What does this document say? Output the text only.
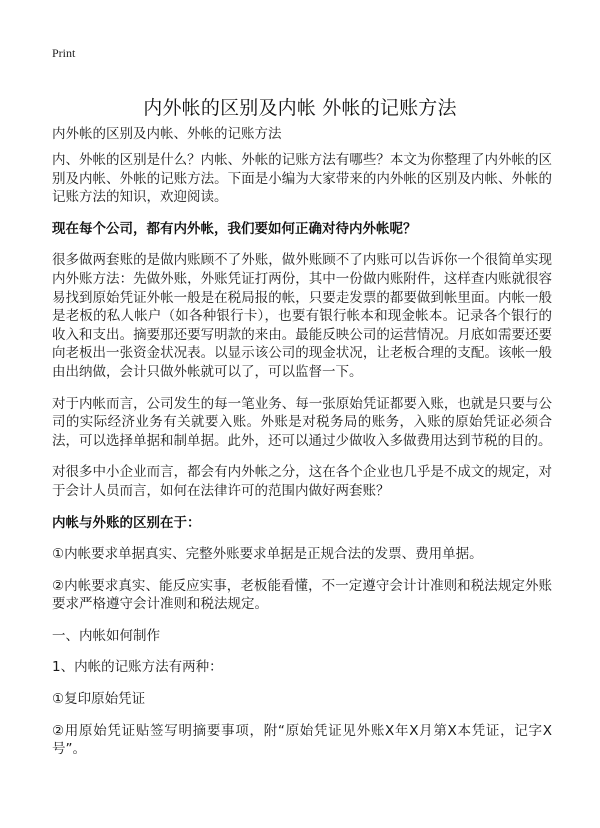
Print
内外帐的区别及内帐 外帐的记账方法
内外帐的区别及内帐、外帐的记账方法

内、外帐的区别是什么？内帐、外帐的记账方法有哪些？本文为你整理了内外帐的区别及内帐、外帐的记账方法。下面是小编为大家带来的内外帐的区别及内帐、外帐的记账方法的知识，欢迎阅读。

现在每个公司，都有内外帐，我们要如何正确对待内外帐呢？

很多做两套账的是做内账顾不了外账，做外账顾不了内账可以告诉你一个很简单实现内外账方法：先做外账，外账凭证打两份，其中一份做内账附件，这样查内账就很容易找到原始凭证外帐一般是在税局报的帐，只要走发票的都要做到帐里面。内帐一般是老板的私人帐户（如各种银行卡），也要有银行帐本和现金帐本。记录各个银行的收入和支出。摘要那还要写明款的来由。最能反映公司的运营情况。月底如需要还要向老板出一张资金状况表。以显示该公司的现金状况，让老板合理的支配。该帐一般由出纳做，会计只做外帐就可以了，可以监督一下。

对于内帐而言，公司发生的每一笔业务、每一张原始凭证都要入账，也就是只要与公司的实际经济业务有关就要入账。外账是对税务局的账务，入账的原始凭证必须合法，可以选择单据和制单据。此外，还可以通过少做收入多做费用达到节税的目的。

对很多中小企业而言，都会有内外帐之分，这在各个企业也几乎是不成文的规定，对于会计人员而言，如何在法律许可的范围内做好两套账？

内帐与外账的区别在于：

①内帐要求单据真实、完整外账要求单据是正规合法的发票、费用单据。

②内帐要求真实、能反应实事，老板能看懂，不一定遵守会计计准则和税法规定外账要求严格遵守会计准则和税法规定。

一、内帐如何制作

1、内帐的记账方法有两种：

①复印原始凭证

②用原始凭证贴签写明摘要事项，附“原始凭证见外账X年X月第X本凭证，记字X号”。
